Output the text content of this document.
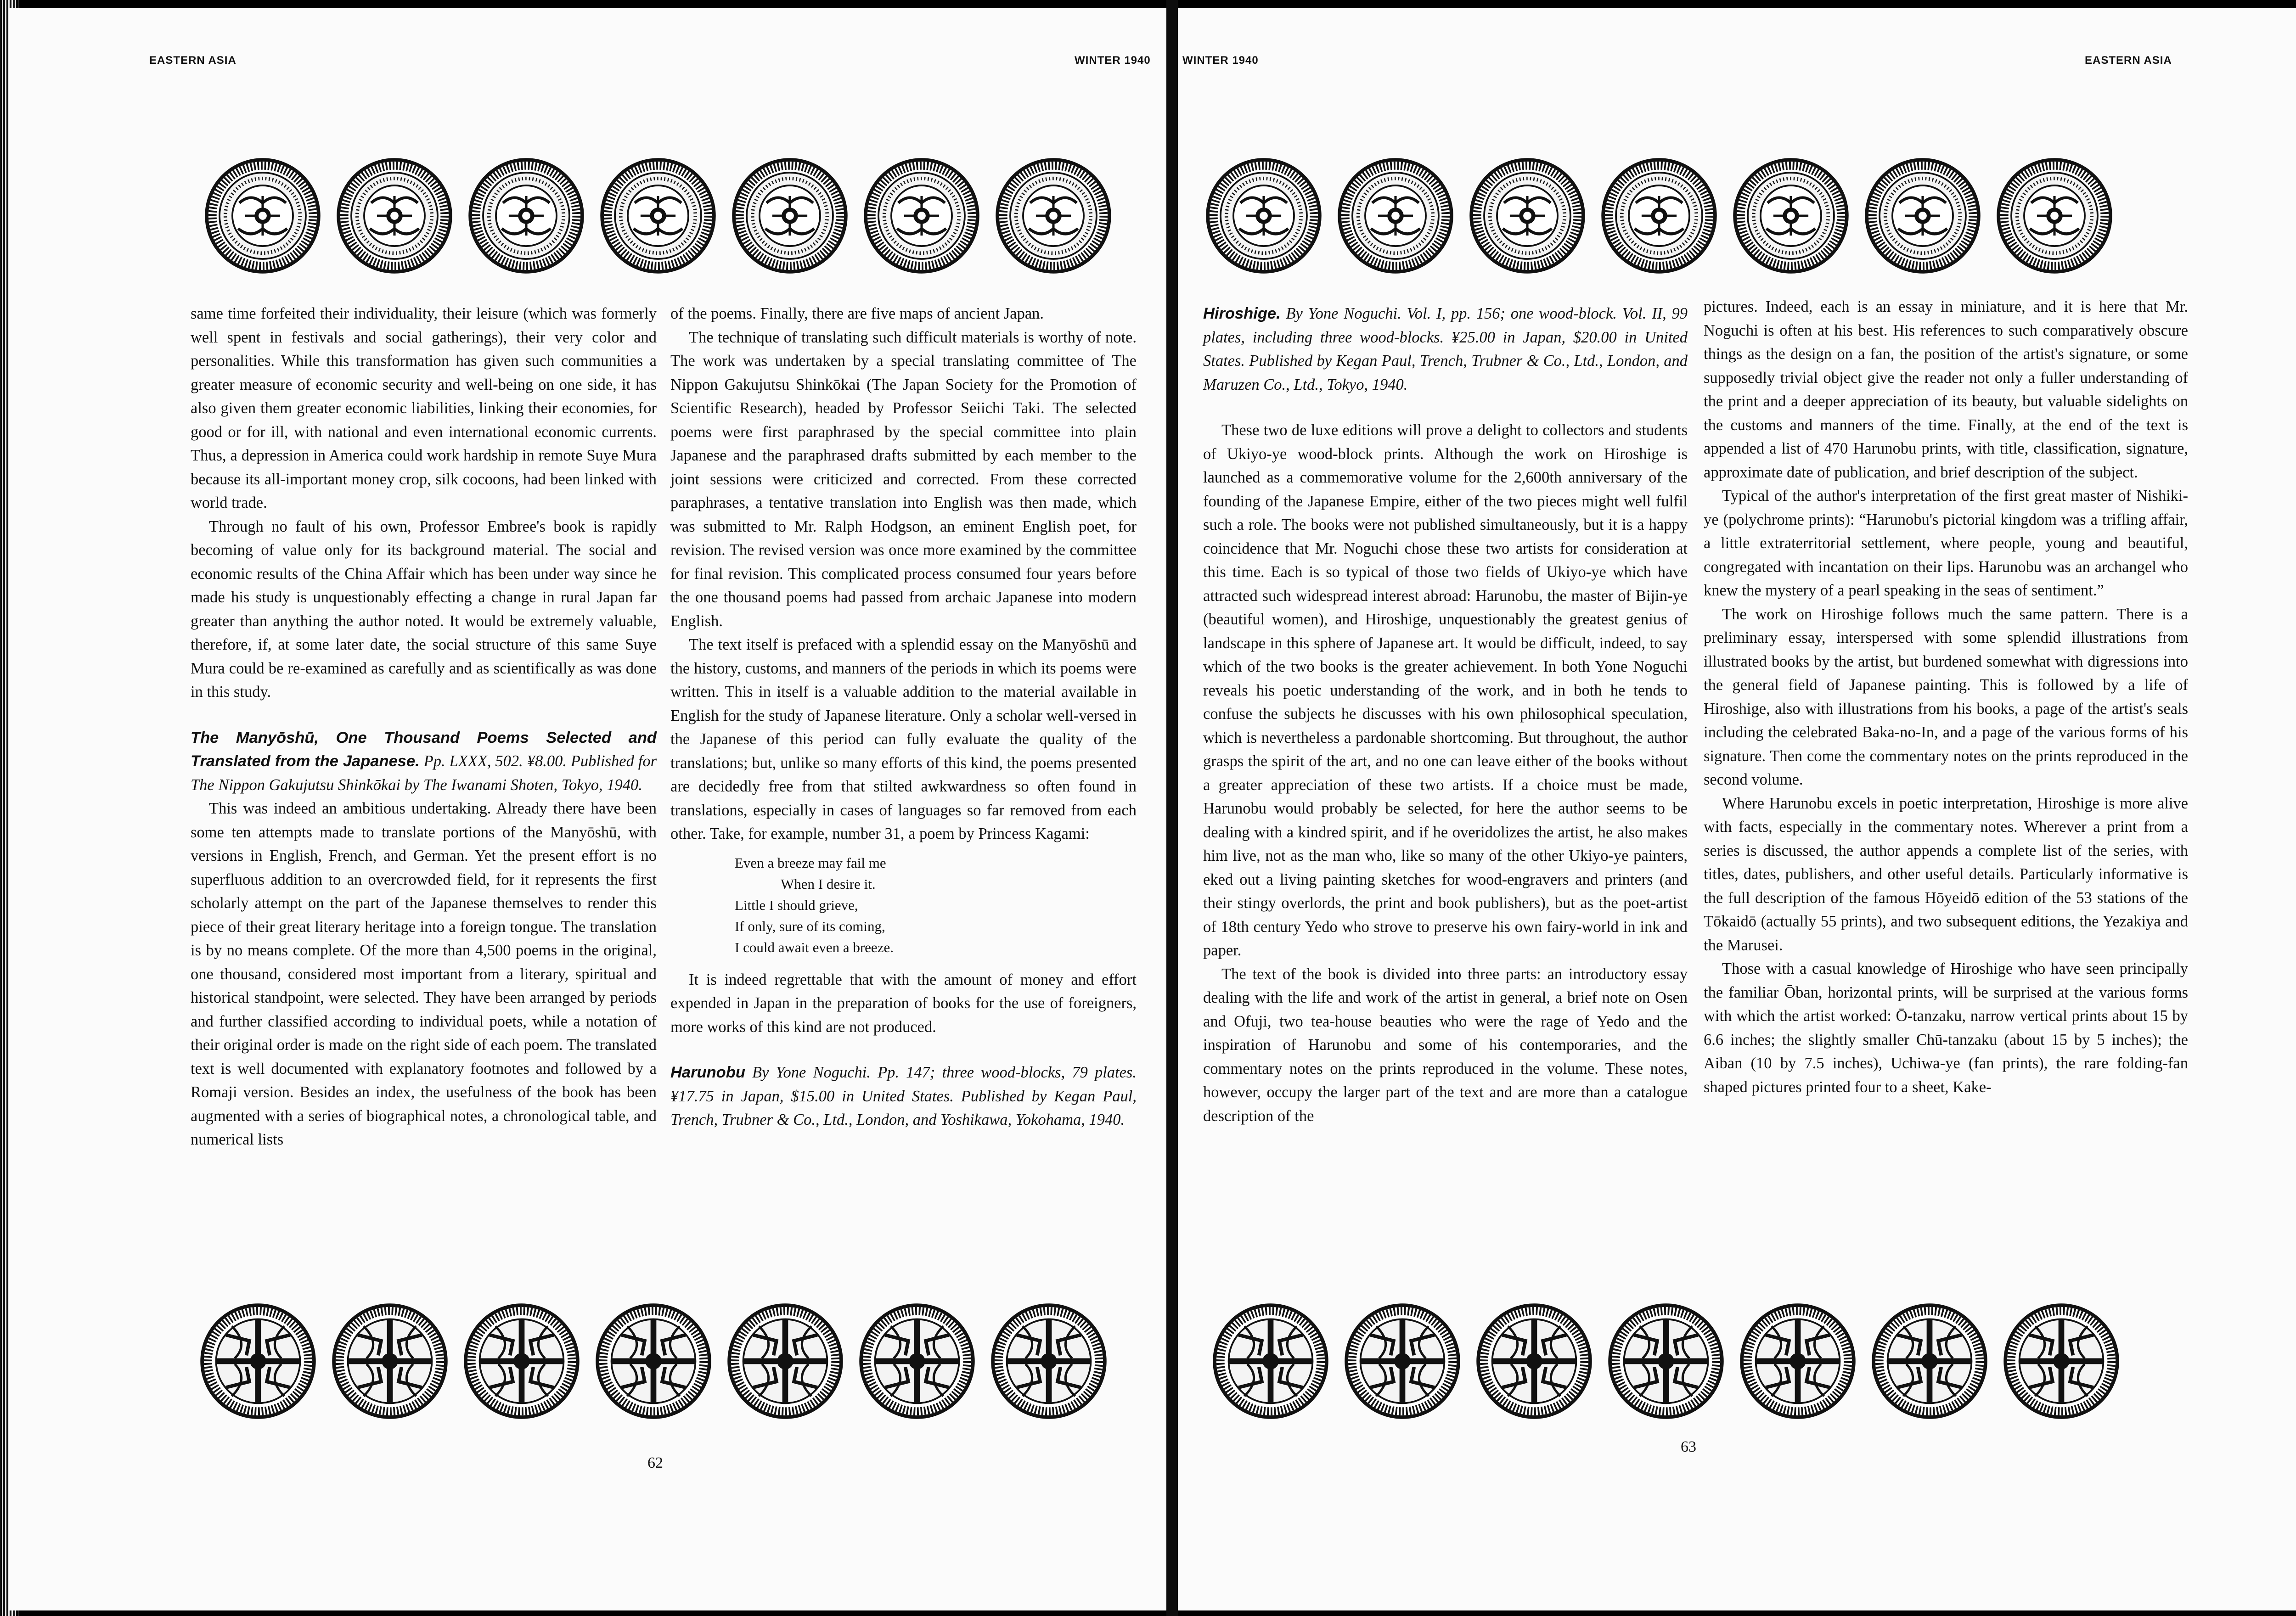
EASTERN ASIA	WINTER 1940

same time forfeited their individuality, their leisure (which was formerly well spent in festivals and social gatherings), their very color and personalities. While this transformation has given such communities a greater measure of economic security and well-being on one side, it has also given them greater economic liabilities, linking their economies, for good or for ill, with national and even international economic currents. Thus, a depression in America could work hardship in remote Suye Mura because its all-important money crop, silk cocoons, had been linked with world trade.

Through no fault of his own, Professor Embree's book is rapidly becoming of value only for its background material. The social and economic results of the China Affair which has been under way since he made his study is unquestionably effecting a change in rural Japan far greater than anything the author noted. It would be extremely valuable, therefore, if, at some later date, the social structure of this same Suye Mura could be re-examined as carefully and as scientifically as was done in this study.

The Manyōshū, One Thousand Poems Selected and Translated from the Japanese. Pp. LXXX, 502. ¥8.00. Published for The Nippon Gakujutsu Shinkōkai by The Iwanami Shoten, Tokyo, 1940.

This was indeed an ambitious undertaking. Already there have been some ten attempts made to translate portions of the Manyōshū, with versions in English, French, and German. Yet the present effort is no superfluous addition to an overcrowded field, for it represents the first scholarly attempt on the part of the Japanese themselves to render this piece of their great literary heritage into a foreign tongue. The translation is by no means complete. Of the more than 4,500 poems in the original, one thousand, considered most important from a literary, spiritual and historical standpoint, were selected. They have been arranged by periods and further classified according to individual poets, while a notation of their original order is made on the right side of each poem. The translated text is well documented with explanatory footnotes and followed by a Romaji version. Besides an index, the usefulness of the book has been augmented with a series of biographical notes, a chronological table, and numerical lists

of the poems. Finally, there are five maps of ancient Japan.

The technique of translating such difficult materials is worthy of note. The work was undertaken by a special translating committee of The Nippon Gakujutsu Shinkōkai (The Japan Society for the Promotion of Scientific Research), headed by Professor Seiichi Taki. The selected poems were first paraphrased by the special committee into plain Japanese and the paraphrased drafts submitted by each member to the joint sessions were criticized and corrected. From these corrected paraphrases, a tentative translation into English was then made, which was submitted to Mr. Ralph Hodgson, an eminent English poet, for revision. The revised version was once more examined by the committee for final revision. This complicated process consumed four years before the one thousand poems had passed from archaic Japanese into modern English.

The text itself is prefaced with a splendid essay on the Manyōshū and the history, customs, and manners of the periods in which its poems were written. This in itself is a valuable addition to the material available in English for the study of Japanese literature. Only a scholar well-versed in the Japanese of this period can fully evaluate the quality of the translations; but, unlike so many efforts of this kind, the poems presented are decidedly free from that stilted awkwardness so often found in translations, especially in cases of languages so far removed from each other. Take, for example, number 31, a poem by Princess Kagami:

Even a breeze may fail me
When I desire it.
Little I should grieve,
If only, sure of its coming,
I could await even a breeze.

It is indeed regrettable that with the amount of money and effort expended in Japan in the preparation of books for the use of foreigners, more works of this kind are not produced.

Harunobu By Yone Noguchi. Pp. 147; three wood-blocks, 79 plates. ¥17.75 in Japan, $15.00 in United States. Published by Kegan Paul, Trench, Trubner & Co., Ltd., London, and Yoshikawa, Yokohama, 1940.

62
WINTER 1940	EASTERN ASIA

Hiroshige. By Yone Noguchi. Vol. I, pp. 156; one wood-block. Vol. II, 99 plates, including three wood-blocks. ¥25.00 in Japan, $20.00 in United States. Published by Kegan Paul, Trench, Trubner & Co., Ltd., London, and Maruzen Co., Ltd., Tokyo, 1940.

These two de luxe editions will prove a delight to collectors and students of Ukiyo-ye wood-block prints. Although the work on Hiroshige is launched as a commemorative volume for the 2,600th anniversary of the founding of the Japanese Empire, either of the two pieces might well fulfil such a role. The books were not published simultaneously, but it is a happy coincidence that Mr. Noguchi chose these two artists for consideration at this time. Each is so typical of those two fields of Ukiyo-ye which have attracted such widespread interest abroad: Harunobu, the master of Bijin-ye (beautiful women), and Hiroshige, unquestionably the greatest genius of landscape in this sphere of Japanese art. It would be difficult, indeed, to say which of the two books is the greater achievement. In both Yone Noguchi reveals his poetic understanding of the work, and in both he tends to confuse the subjects he discusses with his own philosophical speculation, which is nevertheless a pardonable shortcoming. But throughout, the author grasps the spirit of the art, and no one can leave either of the books without a greater appreciation of these two artists. If a choice must be made, Harunobu would probably be selected, for here the author seems to be dealing with a kindred spirit, and if he overidolizes the artist, he also makes him live, not as the man who, like so many of the other Ukiyo-ye painters, eked out a living painting sketches for wood-engravers and printers (and their stingy overlords, the print and book publishers), but as the poet-artist of 18th century Yedo who strove to preserve his own fairy-world in ink and paper.

The text of the book is divided into three parts: an introductory essay dealing with the life and work of the artist in general, a brief note on Osen and Ofuji, two tea-house beauties who were the rage of Yedo and the inspiration of Harunobu and some of his contemporaries, and the commentary notes on the prints reproduced in the volume. These notes, however, occupy the larger part of the text and are more than a catalogue description of the

pictures. Indeed, each is an essay in miniature, and it is here that Mr. Noguchi is often at his best. His references to such comparatively obscure things as the design on a fan, the position of the artist's signature, or some supposedly trivial object give the reader not only a fuller understanding of the print and a deeper appreciation of its beauty, but valuable sidelights on the customs and manners of the time. Finally, at the end of the text is appended a list of 470 Harunobu prints, with title, classification, signature, approximate date of publication, and brief description of the subject.

Typical of the author's interpretation of the first great master of Nishiki-ye (polychrome prints): “Harunobu's pictorial kingdom was a trifling affair, a little extraterritorial settlement, where people, young and beautiful, congregated with incantation on their lips. Harunobu was an archangel who knew the mystery of a pearl speaking in the seas of sentiment.”

The work on Hiroshige follows much the same pattern. There is a preliminary essay, interspersed with some splendid illustrations from illustrated books by the artist, but burdened somewhat with digressions into the general field of Japanese painting. This is followed by a life of Hiroshige, also with illustrations from his books, a page of the artist's seals including the celebrated Baka-no-In, and a page of the various forms of his signature. Then come the commentary notes on the prints reproduced in the second volume.

Where Harunobu excels in poetic interpretation, Hiroshige is more alive with facts, especially in the commentary notes. Wherever a print from a series is discussed, the author appends a complete list of the series, with titles, dates, publishers, and other useful details. Particularly informative is the full description of the famous Hōyeidō edition of the 53 stations of the Tōkaidō (actually 55 prints), and two subsequent editions, the Yezakiya and the Marusei.

Those with a casual knowledge of Hiroshige who have seen principally the familiar Ōban, horizontal prints, will be surprised at the various forms with which the artist worked: Ō-tanzaku, narrow vertical prints about 15 by 6.6 inches; the slightly smaller Chū-tanzaku (about 15 by 5 inches); the Aiban (10 by 7.5 inches), Uchiwa-ye (fan prints), the rare folding-fan shaped pictures printed four to a sheet, Kake-

63
